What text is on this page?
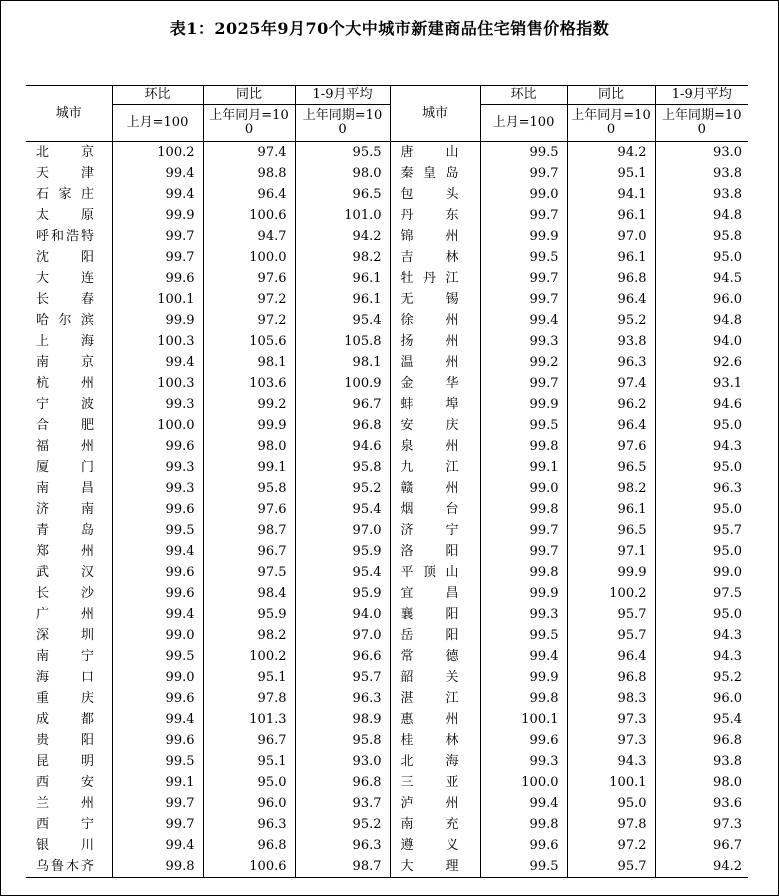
表1：2025年9月70个大中城市新建商品住宅销售价格指数
城市	环比	同比	1-9月平均	城市	环比	同比	1-9月平均
	上月=100	上年同月=100	上年同期=100		上月=100	上年同月=100	上年同期=100

北京	100.2	97.4	95.5	唐山	99.5	94.2	93.0

天津	99.4	98.8	98.0	秦皇岛	99.7	95.1	93.8

石家庄	99.4	96.4	96.5	包头	99.0	94.1	93.8

太原	99.9	100.6	101.0	丹东	99.7	96.1	94.8

呼和浩特	99.7	94.7	94.2	锦州	99.9	97.0	95.8

沈阳	99.7	100.0	98.2	吉林	99.5	96.1	95.0

大连	99.6	97.6	96.1	牡丹江	99.7	96.8	94.5

长春	100.1	97.2	96.1	无锡	99.7	96.4	96.0

哈尔滨	99.9	97.2	95.4	徐州	99.4	95.2	94.8

上海	100.3	105.6	105.8	扬州	99.3	93.8	94.0

南京	99.4	98.1	98.1	温州	99.2	96.3	92.6

杭州	100.3	103.6	100.9	金华	99.7	97.4	93.1

宁波	99.3	99.2	96.7	蚌埠	99.9	96.2	94.6

合肥	100.0	99.9	96.8	安庆	99.5	96.4	95.0

福州	99.6	98.0	94.6	泉州	99.8	97.6	94.3

厦门	99.3	99.1	95.8	九江	99.1	96.5	95.0

南昌	99.3	95.8	95.2	赣州	99.0	98.2	96.3

济南	99.6	97.6	95.4	烟台	99.8	96.1	95.0

青岛	99.5	98.7	97.0	济宁	99.7	96.5	95.7

郑州	99.4	96.7	95.9	洛阳	99.7	97.1	95.0

武汉	99.6	97.5	95.4	平顶山	99.8	99.9	99.0

长沙	99.6	98.4	95.9	宜昌	99.9	100.2	97.5

广州	99.4	95.9	94.0	襄阳	99.3	95.7	95.0

深圳	99.0	98.2	97.0	岳阳	99.5	95.7	94.3

南宁	99.5	100.2	96.6	常德	99.4	96.4	94.3

海口	99.0	95.1	95.7	韶关	99.9	96.8	95.2

重庆	99.6	97.8	96.3	湛江	99.8	98.3	96.0

成都	99.4	101.3	98.9	惠州	100.1	97.3	95.4

贵阳	99.6	96.7	95.8	桂林	99.6	97.3	96.8

昆明	99.5	95.1	93.0	北海	99.3	94.3	93.8

西安	99.1	95.0	96.8	三亚	100.0	100.1	98.0

兰州	99.7	96.0	93.7	泸州	99.4	95.0	93.6

西宁	99.7	96.3	95.2	南充	99.8	97.8	97.3

银川	99.4	96.8	96.3	遵义	99.6	97.2	96.7

乌鲁木齐	99.8	100.6	98.7	大理	99.5	95.7	94.2
